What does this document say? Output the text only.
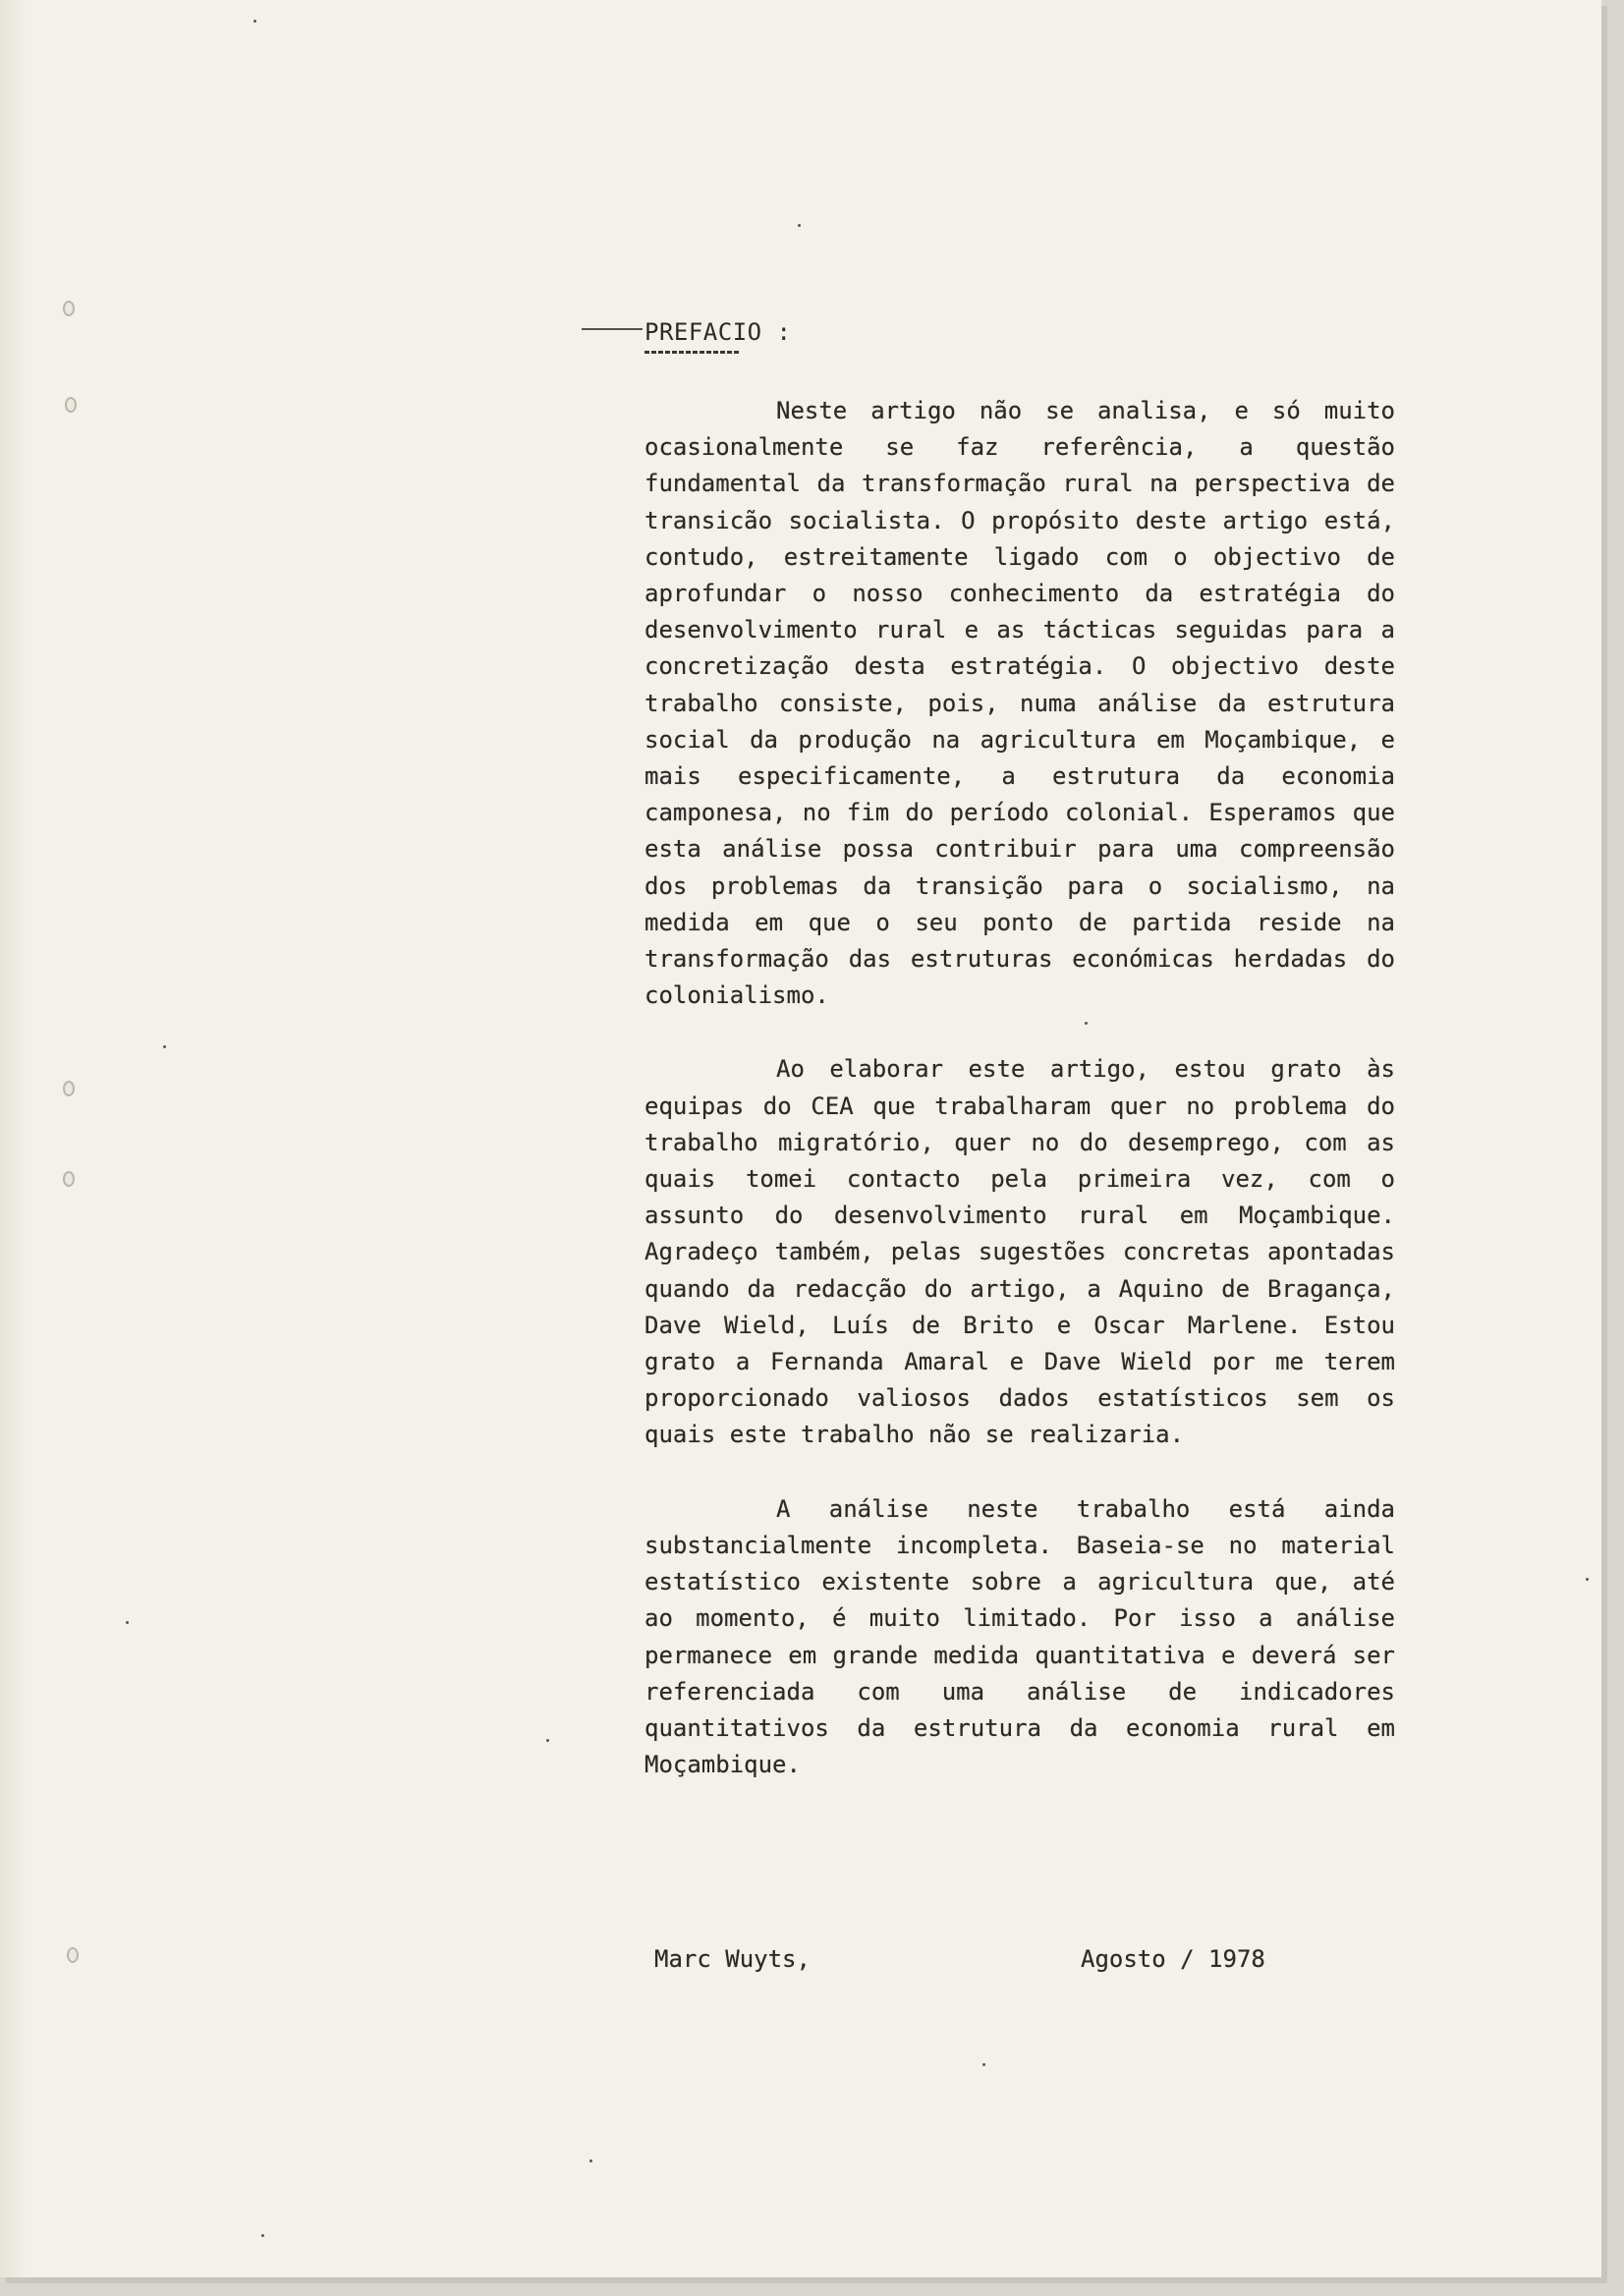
PREFACIO :

Neste artigo não se analisa, e só muito ocasionalmente se faz referência, a questão fundamental da transformação rural na perspectiva de transicão socialista. O propósito deste artigo está, contudo, estreitamente ligado com o objectivo de aprofundar o nosso conhecimento da estratégia do desenvolvimento rural e as tácticas seguidas para a concretização desta estratégia. O objectivo deste trabalho consiste, pois, numa análise da estrutura social da produção na agricultura em Moçambique, e mais especificamente, a estrutura da economia camponesa, no fim do período colonial. Esperamos que esta análise possa contribuir para uma compreensão dos problemas da transição para o socialismo, na medida em que o seu ponto de partida reside na transformação das estruturas económicas herdadas do colonialismo.

Ao elaborar este artigo, estou grato às equipas do CEA que trabalharam quer no problema do trabalho migratório, quer no do desemprego, com as quais tomei contacto pela primeira vez, com o assunto do desenvolvimento rural em Moçambique. Agradeço também, pelas sugestões concretas apontadas quando da redacção do artigo, a Aquino de Bragança, Dave Wield, Luís de Brito e Oscar Marlene. Estou grato a Fernanda Amaral e Dave Wield por me terem proporcionado valiosos dados estatísticos sem os quais este trabalho não se realizaria.

A análise neste trabalho está ainda substancialmente incompleta. Baseia-se no material estatístico existente sobre a agricultura que, até ao momento, é muito limitado. Por isso a análise permanece em grande medida quantitativa e deverá ser referenciada com uma análise de indicadores quantitativos da estrutura da economia rural em Moçambique.

Marc Wuyts,	Agosto / 1978
